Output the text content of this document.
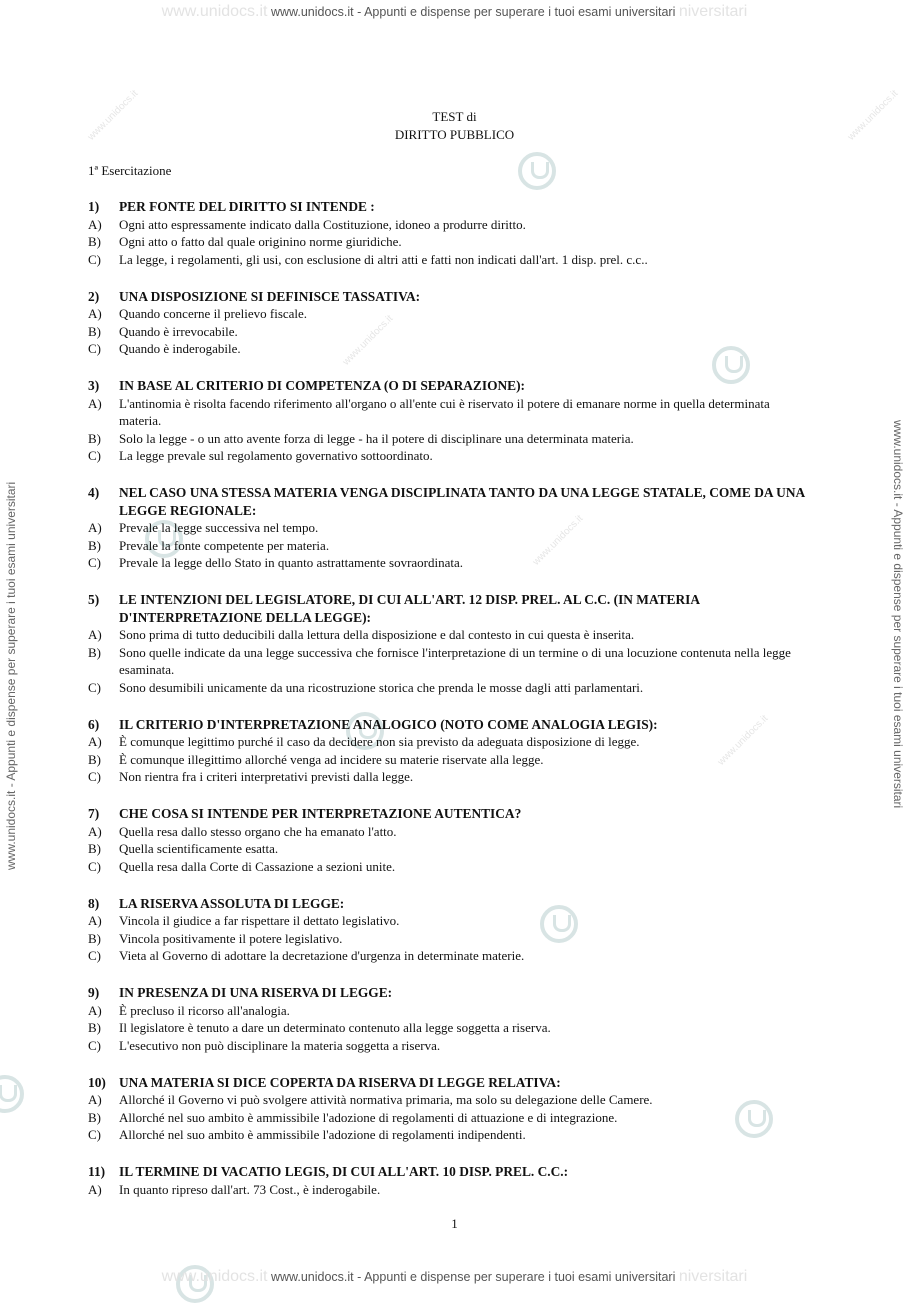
www.unidocs.it
www.unidocs.it
www.unidocs.it
www.unidocs.it	www.unidocs.it
www.unidocs.it www.unidocs.it - Appunti e dispense per superare i tuoi esami universitari niversitari
www.unidocs.it - Appunti e dispense per superare i tuoi esami universitari	www.unidocs.it - Appunti e dispense per superare i tuoi esami universitari
TEST di
DIRITTO PUBBLICO
1ª Esercitazione
1)	PER FONTE DEL DIRITTO SI INTENDE :
A)	Ogni atto espressamente indicato dalla Costituzione, idoneo a produrre diritto.
B)	Ogni atto o fatto dal quale originino norme giuridiche.
C)	La legge, i regolamenti, gli usi, con esclusione di altri atti e fatti non indicati dall'art. 1 disp. prel. c.c..
2)	UNA DISPOSIZIONE SI DEFINISCE TASSATIVA:
A)	Quando concerne il prelievo fiscale.
B)	Quando è irrevocabile.
C)	Quando è inderogabile.
3)	IN BASE AL CRITERIO DI COMPETENZA (O DI SEPARAZIONE):
A)	L'antinomia è risolta facendo riferimento all'organo o all'ente cui è riservato il potere di emanare norme in quella determinata materia.
B)	Solo la legge - o un atto avente forza di legge - ha il potere di disciplinare una determinata materia.
C)	La legge prevale sul regolamento governativo sottoordinato.
4)	NEL CASO UNA STESSA MATERIA VENGA DISCIPLINATA TANTO DA UNA LEGGE STATALE, COME DA UNA LEGGE REGIONALE:
A)	Prevale la legge successiva nel tempo.
B)	Prevale la fonte competente per materia.
C)	Prevale la legge dello Stato in quanto astrattamente sovraordinata.
5)	LE INTENZIONI DEL LEGISLATORE, DI CUI ALL'ART. 12 DISP. PREL. AL C.C. (IN MATERIA D'INTERPRETAZIONE DELLA LEGGE):
A)	Sono prima di tutto deducibili dalla lettura della disposizione e dal contesto in cui questa è inserita.
B)	Sono quelle indicate da una legge successiva che fornisce l'interpretazione di un termine o di una locuzione contenuta nella legge esaminata.
C)	Sono desumibili unicamente da una ricostruzione storica che prenda le mosse dagli atti parlamentari.
6)	IL CRITERIO D'INTERPRETAZIONE ANALOGICO (NOTO COME ANALOGIA LEGIS):
A)	È comunque legittimo purché il caso da decidere non sia previsto da adeguata disposizione di legge.
B)	È comunque illegittimo allorché venga ad incidere su materie riservate alla legge.
C)	Non rientra fra i criteri interpretativi previsti dalla legge.
7)	CHE COSA SI INTENDE PER INTERPRETAZIONE AUTENTICA?
A)	Quella resa dallo stesso organo che ha emanato l'atto.
B)	Quella scientificamente esatta.
C)	Quella resa dalla Corte di Cassazione a sezioni unite.
8)	LA RISERVA ASSOLUTA DI LEGGE:
A)	Vincola il giudice a far rispettare il dettato legislativo.
B)	Vincola positivamente il potere legislativo.
C)	Vieta al Governo di adottare la decretazione d'urgenza in determinate materie.
9)	IN PRESENZA DI UNA RISERVA DI LEGGE:
A)	È precluso il ricorso all'analogia.
B)	Il legislatore è tenuto a dare un determinato contenuto alla legge soggetta a riserva.
C)	L'esecutivo non può disciplinare la materia soggetta a riserva.
10) UNA MATERIA SI DICE COPERTA DA RISERVA DI LEGGE RELATIVA:
A)	Allorché il Governo vi può svolgere attività normativa primaria, ma solo su delegazione delle Camere.
B)	Allorché nel suo ambito è ammissibile l'adozione di regolamenti di attuazione e di integrazione.
C)	Allorché nel suo ambito è ammissibile l'adozione di regolamenti indipendenti.
11)	IL TERMINE DI VACATIO LEGIS, DI CUI ALL'ART. 10 DISP. PREL. C.C.:
A)	In quanto ripreso dall'art. 73 Cost., è inderogabile.
1
www.unidocs.it www.unidocs.it - Appunti e dispense per superare i tuoi esami universitari niversitari
